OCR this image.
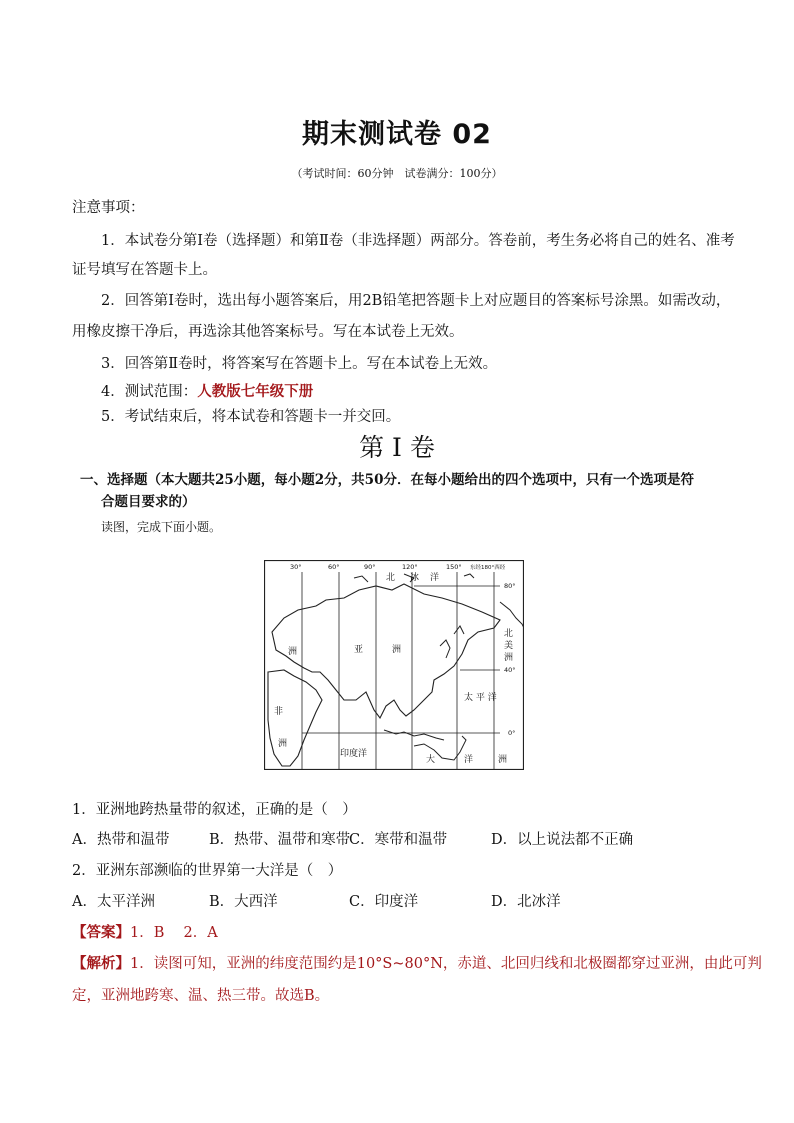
期末测试卷 02
（考试时间：60分钟　试卷满分：100分）
注意事项：
1．本试卷分第Ⅰ卷（选择题）和第Ⅱ卷（非选择题）两部分。答卷前，考生务必将自己的姓名、准考
证号填写在答题卡上。
2．回答第Ⅰ卷时，选出每小题答案后，用2B铅笔把答题卡上对应题目的答案标号涂黑。如需改动，
用橡皮擦干净后，再选涂其他答案标号。写在本试卷上无效。
3．回答第Ⅱ卷时，将答案写在答题卡上。写在本试卷上无效。
4．测试范围：人教版七年级下册
5．考试结束后，将本试卷和答题卡一并交回。
第 I 卷
一、选择题（本大题共25小题，每小题2分，共50分．在每小题给出的四个选项中，只有一个选项是符
合题目要求的）
读图，完成下面小题。
30°	60°	90°	120°	150° 东经180°西经
80°
40°
0°
北 冰 洋
亚	洲
洲
非
洲
北
美
洲
太 平 洋
印度洋
大	洋	洲
1．亚洲地跨热量带的叙述，正确的是（　）
A．热带和温带	B．热带、温带和寒带
C．寒带和温带	D．以上说法都不正确
2．亚洲东部濒临的世界第一大洋是（　）
A．太平洋洲	B．大西洋	C．印度洋	D．北冰洋
【答案】1．B　 2．A
【解析】1．读图可知，亚洲的纬度范围约是10°S~80°N，赤道、北回归线和北极圈都穿过亚洲，由此可判
定，亚洲地跨寒、温、热三带。故选B。
